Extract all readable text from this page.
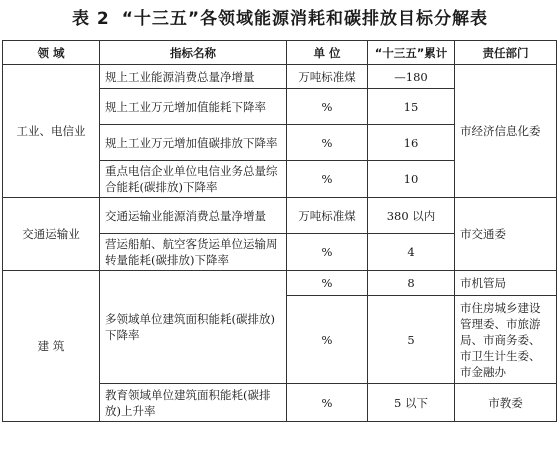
表 2 “十三五”各领域能源消耗和碳排放目标分解表
领 域	指标名称	单 位	“十三五”累计	责任部门
工业、电信业	规上工业能源消费总量净增量	万吨标准煤	—180	市经济信息化委
	规上工业万元增加值能耗下降率	%	15	
	规上工业万元增加值碳排放下降率	%	16	
	重点电信企业单位电信业务总量综合能耗(碳排放)下降率	%	10	
交通运输业	交通运输业能源消费总量净增量	万吨标准煤	380 以内	市交通委
	营运船舶、航空客货运单位运输周转量能耗(碳排放)下降率	%	4	
建 筑	多领域单位建筑面积能耗(碳排放)下降率	%	8	市机管局
		%	5	市住房城乡建设管理委、市旅游局、市商务委、市卫生计生委、市金融办
	教育领域单位建筑面积能耗(碳排放)上升率	%	5 以下	市教委
